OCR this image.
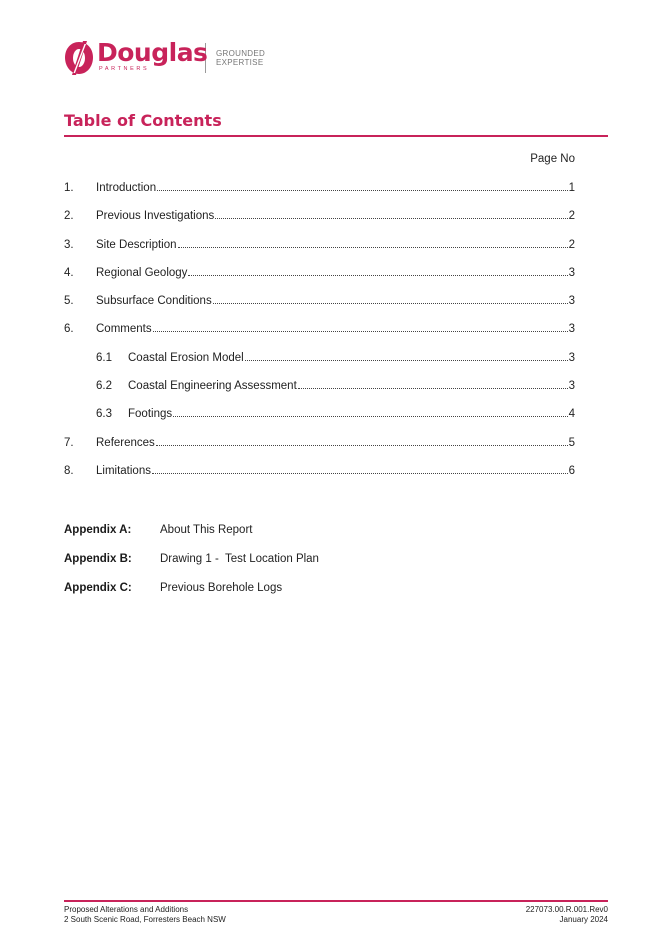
Douglas
PARTNERS
GROUNDED
EXPERTISE
Table of Contents
Page No
1.	Introduction	1
2.	Previous Investigations	2
3.	Site Description	2
4.	Regional Geology	3
5.	Subsurface Conditions	3
6.	Comments	3
6.1	Coastal Erosion Model	3
6.2	Coastal Engineering Assessment	3
6.3	Footings	4
7.	References	5
8.	Limitations	6
Appendix A:	About This Report
Appendix B:	Drawing 1 -  Test Location Plan
Appendix C:	Previous Borehole Logs
Proposed Alterations and Additions
2 South Scenic Road, Forresters Beach NSW
227073.00.R.001.Rev0
January 2024
